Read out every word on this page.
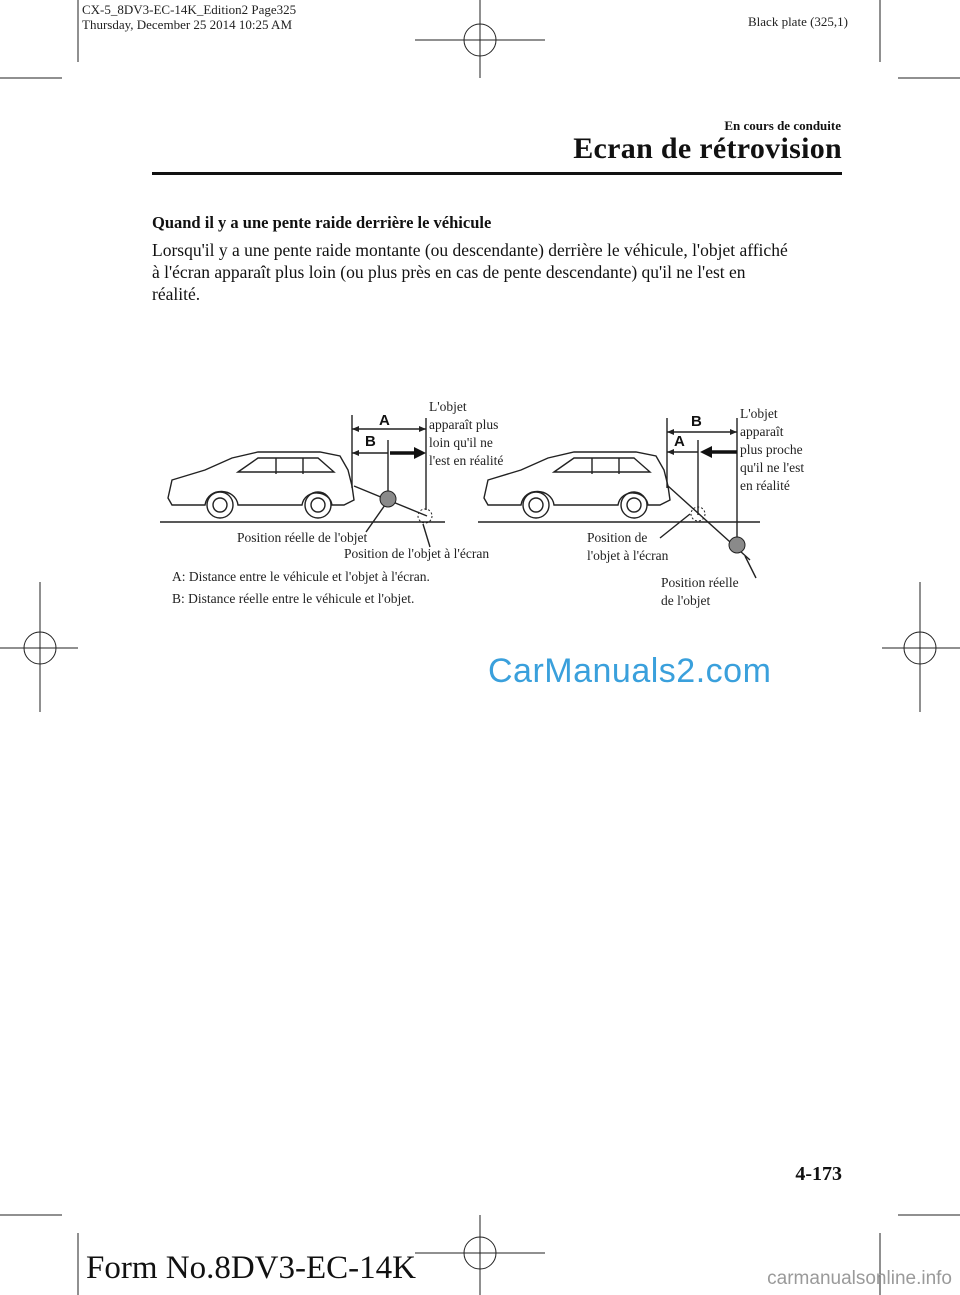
CX-5_8DV3-EC-14K_Edition2 Page325
Thursday, December 25 2014 10:25 AM	Black plate (325,1)
En cours de conduite
Ecran de rétrovision
Quand il y a une pente raide derrière le véhicule
Lorsqu'il y a une pente raide montante (ou descendante) derrière le véhicule, l'objet affiché
à l'écran apparaît plus loin (ou plus près en cas de pente descendante) qu'il ne l'est en
réalité.
A
B
L'objet
apparaît plus
loin qu'il ne
l'est en réalité
Position réelle de l'objet
Position de l'objet à l'écran
B
A
L'objet
apparaît
plus proche
qu'il ne l'est
en réalité
Position de
l'objet à l'écran
Position réelle
de l'objet
A: Distance entre le véhicule et l'objet à l'écran.
B: Distance réelle entre le véhicule et l'objet.
CarManuals2.com
4-173
Form No.8DV3-EC-14K	carmanualsonline.info
